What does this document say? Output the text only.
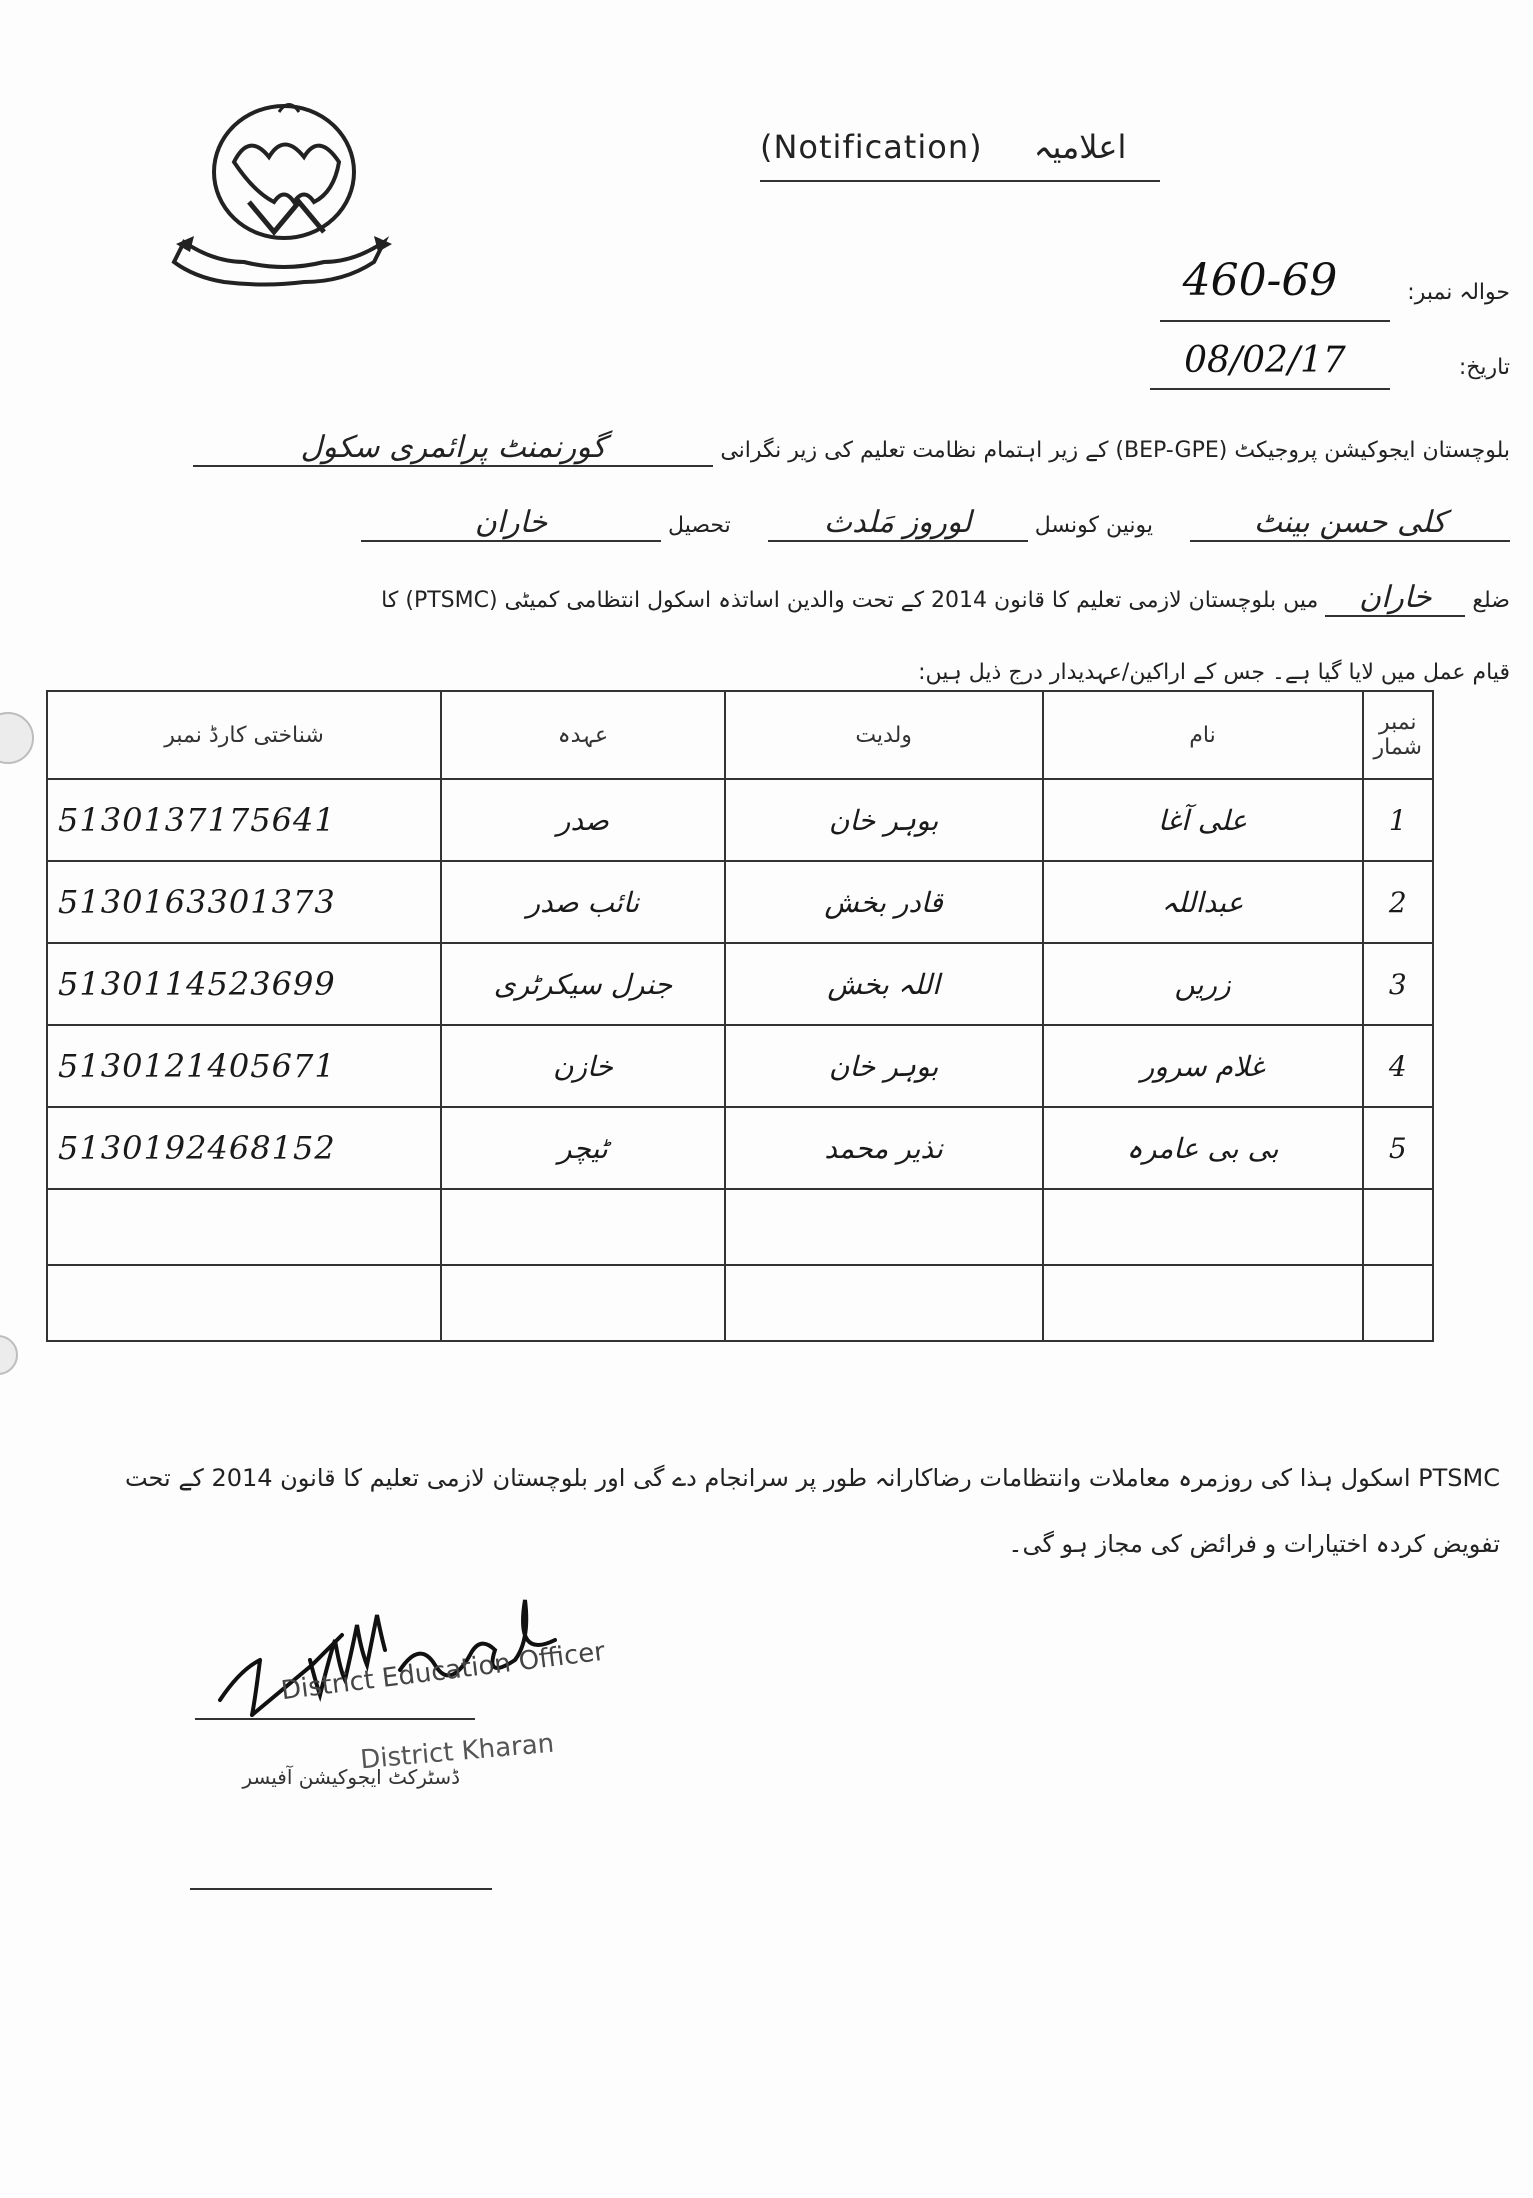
(Notification) اعلامیہ
حوالہ نمبر:
460-69
تاریخ:
08/02/17
بلوچستان ایجوکیشن پروجیکٹ (BEP-GPE) کے زیر اہتمام نظامت تعلیم کی زیر نگرانی گورنمنٹ پرائمری سکول
کلی حسن بینٹ یونین کونسل لوروز مَلدث تحصیل خاران
ضلع خاران میں بلوچستان لازمی تعلیم کا قانون 2014 کے تحت والدین اساتذہ اسکول انتظامی کمیٹی (PTSMC) کا
قیام عمل میں لایا گیا ہے۔ جس کے اراکین/عہدیدار درج ذیل ہیں:
نمبر شمار	نام	ولدیت	عہدہ	شناختی کارڈ نمبر
1	علی آغا	بوہر خان	صدر	5130137175641
2	عبداللہ	قادر بخش	نائب صدر	5130163301373
3	زریں	اللہ بخش	جنرل سیکرٹری	5130114523699
4	غلام سرور	بوہر خان	خازن	5130121405671
5	بی بی عامرہ	نذیر محمد	ٹیچر	5130192468152

PTSMC اسکول ہذا کی روزمرہ معاملات وانتظامات رضاکارانہ طور پر سرانجام دے گی اور بلوچستان لازمی تعلیم کا قانون 2014 کے تحت تفویض کردہ اختیارات و فرائض کی مجاز ہو گی۔
District Education Officer
District Kharan
ڈسٹرکٹ ایجوکیشن آفیسر
